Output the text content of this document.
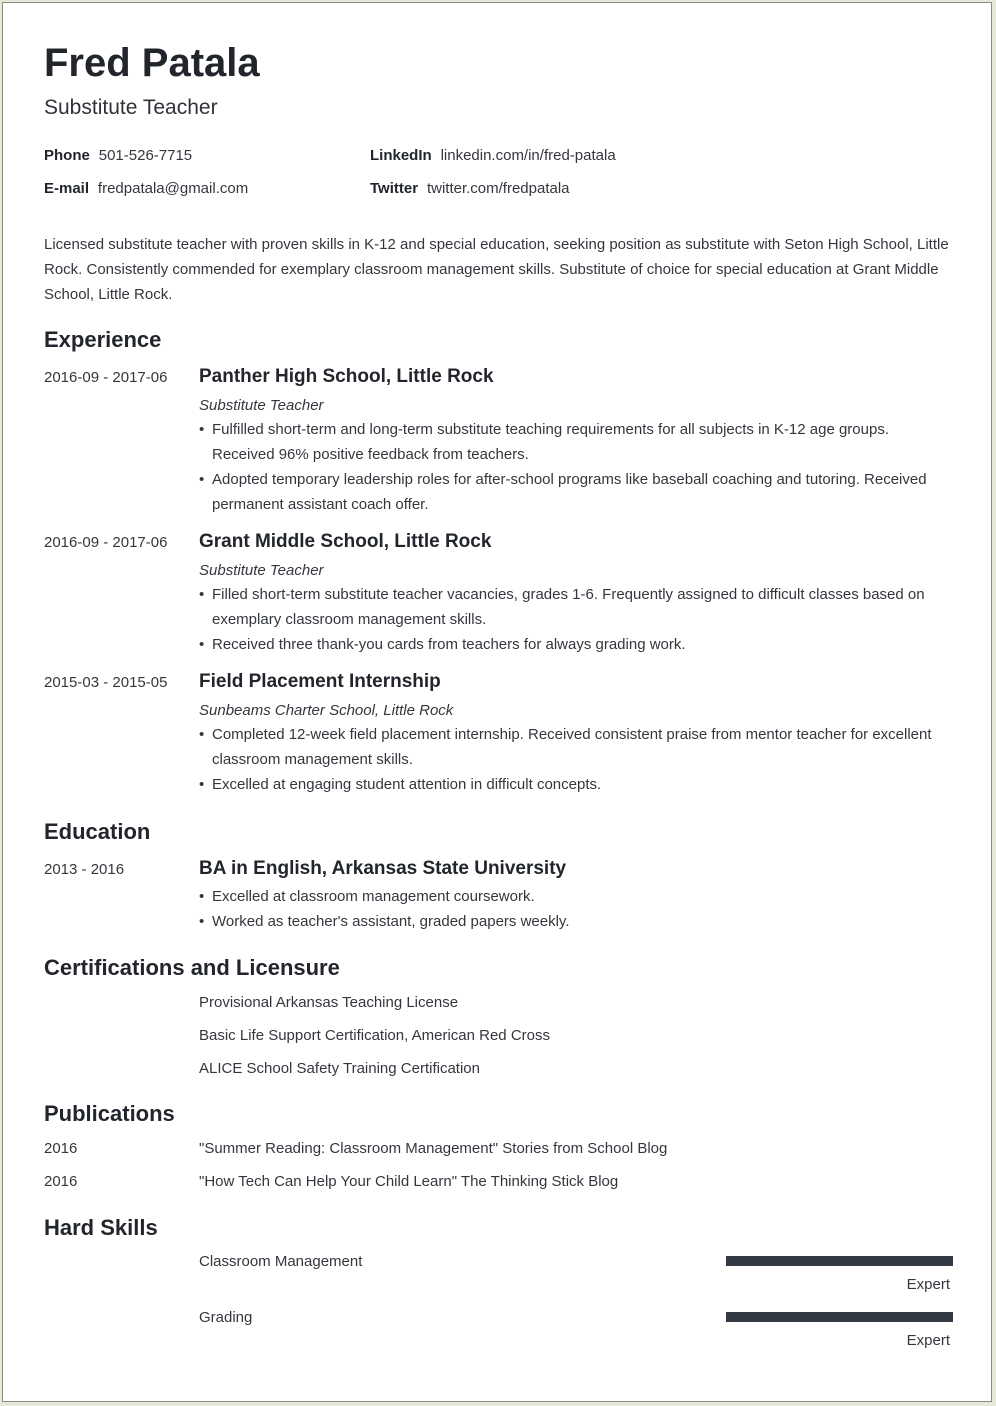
Fred Patala
Substitute Teacher
Phone 501-526-7715
E-mail fredpatala@gmail.com
LinkedIn linkedin.com/in/fred-patala
Twitter twitter.com/fredpatala
Licensed substitute teacher with proven skills in K-12 and special education, seeking position as substitute with Seton High School, Little Rock. Consistently commended for exemplary classroom management skills. Substitute of choice for special education at Grant Middle School, Little Rock.
Experience
2016-09 - 2017-06 Panther High School, Little Rock
Substitute Teacher
• Fulfilled short-term and long-term substitute teaching requirements for all subjects in K-12 age groups. Received 96% positive feedback from teachers.
• Adopted temporary leadership roles for after-school programs like baseball coaching and tutoring. Received permanent assistant coach offer.
2016-09 - 2017-06 Grant Middle School, Little Rock
Substitute Teacher
• Filled short-term substitute teacher vacancies, grades 1-6. Frequently assigned to difficult classes based on exemplary classroom management skills.
• Received three thank-you cards from teachers for always grading work.
2015-03 - 2015-05 Field Placement Internship
Sunbeams Charter School, Little Rock
• Completed 12-week field placement internship. Received consistent praise from mentor teacher for excellent classroom management skills.
• Excelled at engaging student attention in difficult concepts.
Education
2013 - 2016	BA in English, Arkansas State University
• Excelled at classroom management coursework.
• Worked as teacher's assistant, graded papers weekly.
Certifications and Licensure
Provisional Arkansas Teaching License
Basic Life Support Certification, American Red Cross
ALICE School Safety Training Certification
Publications
2016	"Summer Reading: Classroom Management" Stories from School Blog
2016	"How Tech Can Help Your Child Learn" The Thinking Stick Blog
Hard Skills
Classroom Management
Expert
Grading
Expert
